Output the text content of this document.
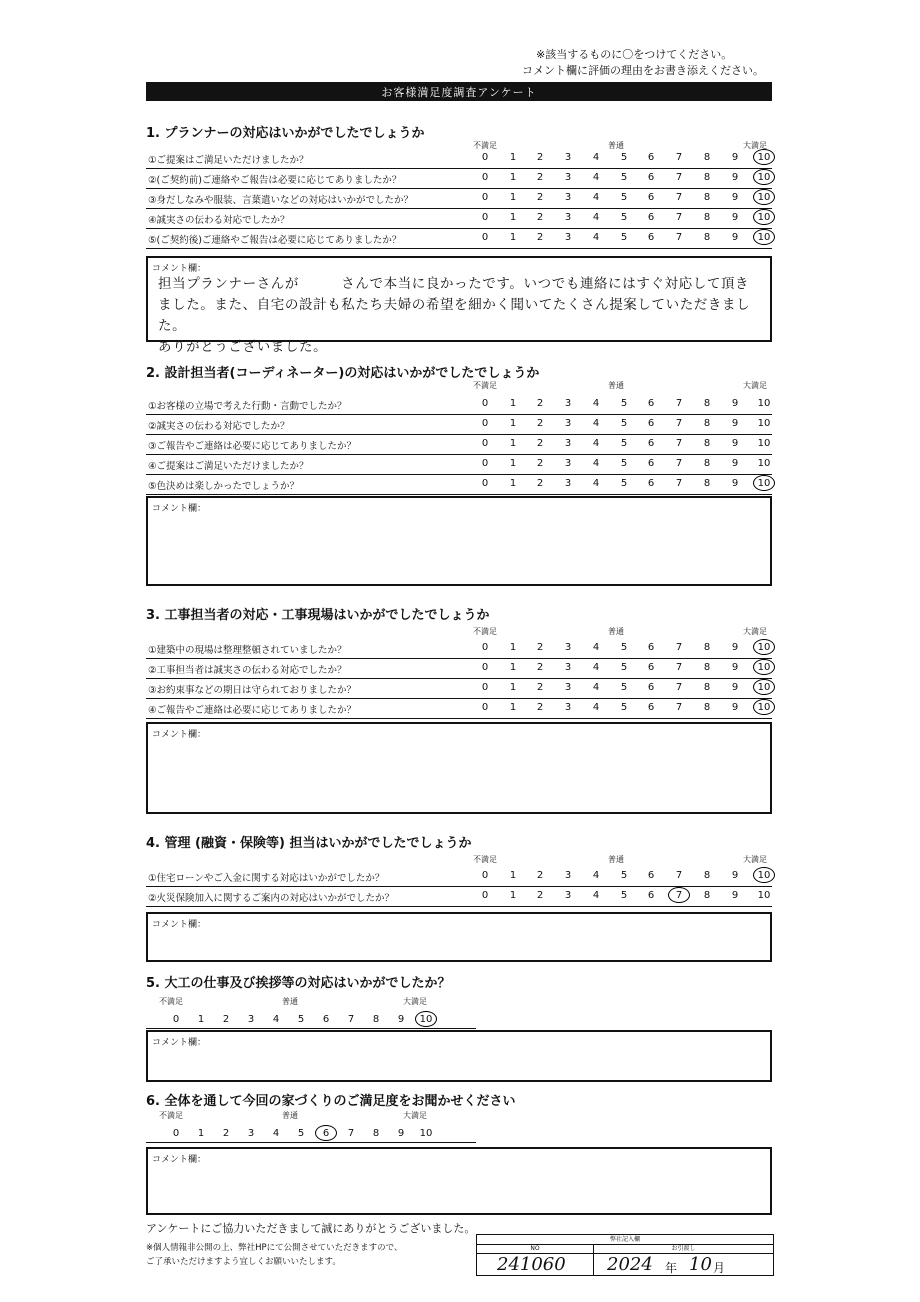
※該当するものに〇をつけてください。
コメント欄に評価の理由をお書き添えください。
お客様満足度調査アンケート
1. プランナーの対応はいかがでしたでしょうか
不満足	普通	大満足
①ご提案はご満足いただけましたか？	0	1	2	3	4	5	6	7	8	9	10
②(ご契約前)ご連絡やご報告は必要に応じてありましたか？	0	1	2	3	4	5	6	7	8	9	10
③身だしなみや服装、言葉遣いなどの対応はいかがでしたか？	0	1	2	3	4	5	6	7	8	9	10
④誠実さの伝わる対応でしたか？	0	1	2	3	4	5	6	7	8	9	10
⑤(ご契約後)ご連絡やご報告は必要に応じてありましたか？	0	1	2	3	4	5	6	7	8	9	10
コメント欄：
担当プランナーさんが　　　さんで本当に良かったです。いつでも連絡にはすぐ対応して頂き
ました。また、自宅の設計も私たち夫婦の希望を細かく聞いてたくさん提案していただきました。
ありがとうございました。
2. 設計担当者(コーディネーター)の対応はいかがでしたでしょうか
不満足	普通	大満足
①お客様の立場で考えた行動・言動でしたか？	0	1	2	3	4	5	6	7	8	9	10
②誠実さの伝わる対応でしたか？	0	1	2	3	4	5	6	7	8	9	10
③ご報告やご連絡は必要に応じてありましたか？	0	1	2	3	4	5	6	7	8	9	10
④ご提案はご満足いただけましたか？	0	1	2	3	4	5	6	7	8	9	10
⑤色決めは楽しかったでしょうか？	0	1	2	3	4	5	6	7	8	9	10
コメント欄：
3. 工事担当者の対応・工事現場はいかがでしたでしょうか
不満足	普通	大満足
①建築中の現場は整理整頓されていましたか？	0	1	2	3	4	5	6	7	8	9	10
②工事担当者は誠実さの伝わる対応でしたか？	0	1	2	3	4	5	6	7	8	9	10
③お約束事などの期日は守られておりましたか？	0	1	2	3	4	5	6	7	8	9	10
④ご報告やご連絡は必要に応じてありましたか？	0	1	2	3	4	5	6	7	8	9	10
コメント欄：
4. 管理 (融資・保険等) 担当はいかがでしたでしょうか
不満足	普通	大満足
①住宅ローンやご入金に関する対応はいかがでしたか？	0	1	2	3	4	5	6	7	8	9	10
②火災保険加入に関するご案内の対応はいかがでしたか？	0	1	2	3	4	5	6	7	8	9	10
コメント欄：
5. 大工の仕事及び挨拶等の対応はいかがでしたか？
不満足	普通	大満足
0	1	2	3	4	5	6	7	8	9	10
コメント欄：
6. 全体を通して今回の家づくりのご満足度をお聞かせください
不満足	普通	大満足
0	1	2	3	4	5	6	7	8	9	10
コメント欄：
アンケートにご協力いただきまして誠にありがとうございました。
※個人情報非公開の上、弊社HPにて公開させていただきますので、
ご了承いただけますよう宜しくお願いいたします。
弊社記入欄
NO	お引渡し
241060 2024 年 10 月
